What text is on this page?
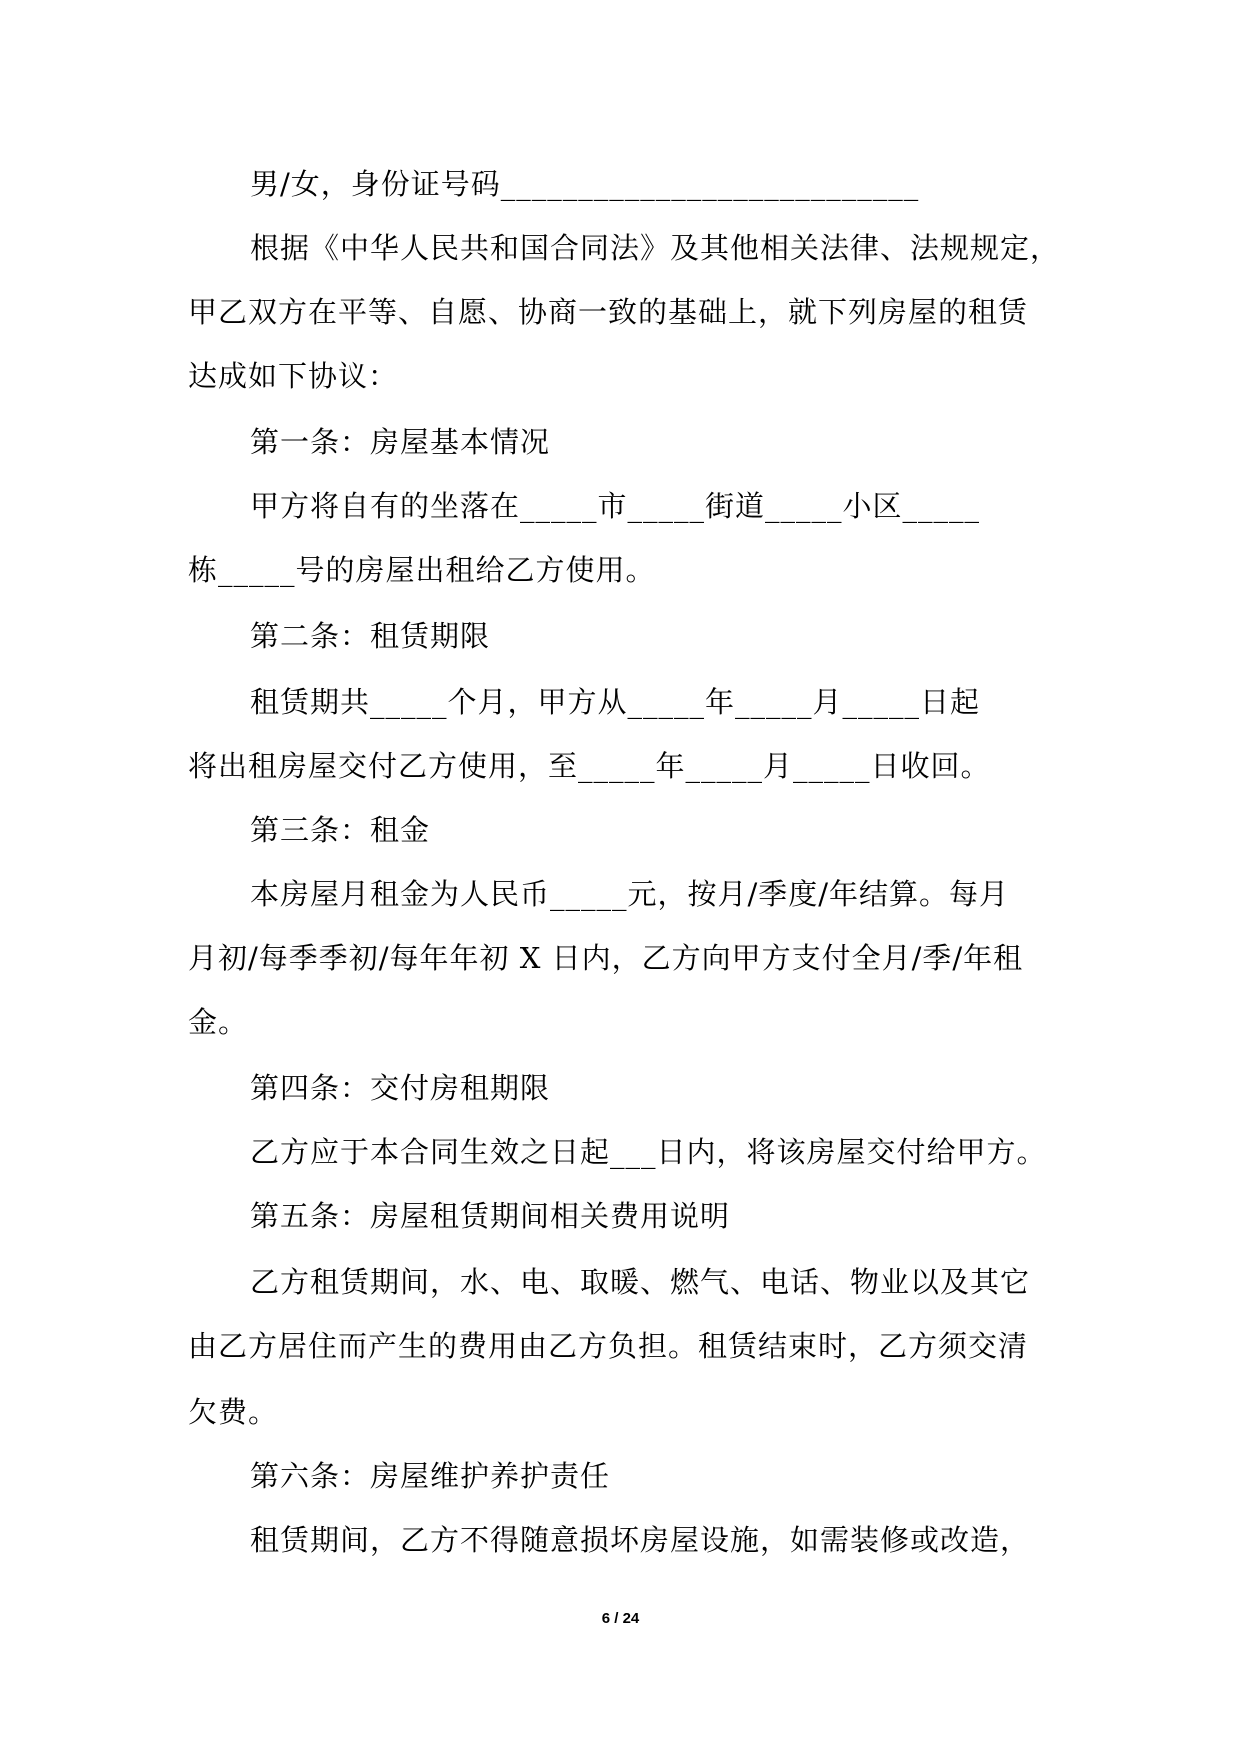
男/女，身份证号码___________________________
根据《中华人民共和国合同法》及其他相关法律、法规规定，
甲乙双方在平等、自愿、协商一致的基础上，就下列房屋的租赁
达成如下协议：
第一条：房屋基本情况
甲方将自有的坐落在_____市_____街道_____小区_____
栋_____号的房屋出租给乙方使用。
第二条：租赁期限
租赁期共_____个月，甲方从_____年_____月_____日起
将出租房屋交付乙方使用，至_____年_____月_____日收回。
第三条：租金
本房屋月租金为人民币_____元，按月/季度/年结算。每月
月初/每季季初/每年年初 X 日内，乙方向甲方支付全月/季/年租
金。
第四条：交付房租期限
乙方应于本合同生效之日起___日内，将该房屋交付给甲方。
第五条：房屋租赁期间相关费用说明
乙方租赁期间，水、电、取暖、燃气、电话、物业以及其它
由乙方居住而产生的费用由乙方负担。租赁结束时，乙方须交清
欠费。
第六条：房屋维护养护责任
租赁期间，乙方不得随意损坏房屋设施，如需装修或改造，
6 / 24
